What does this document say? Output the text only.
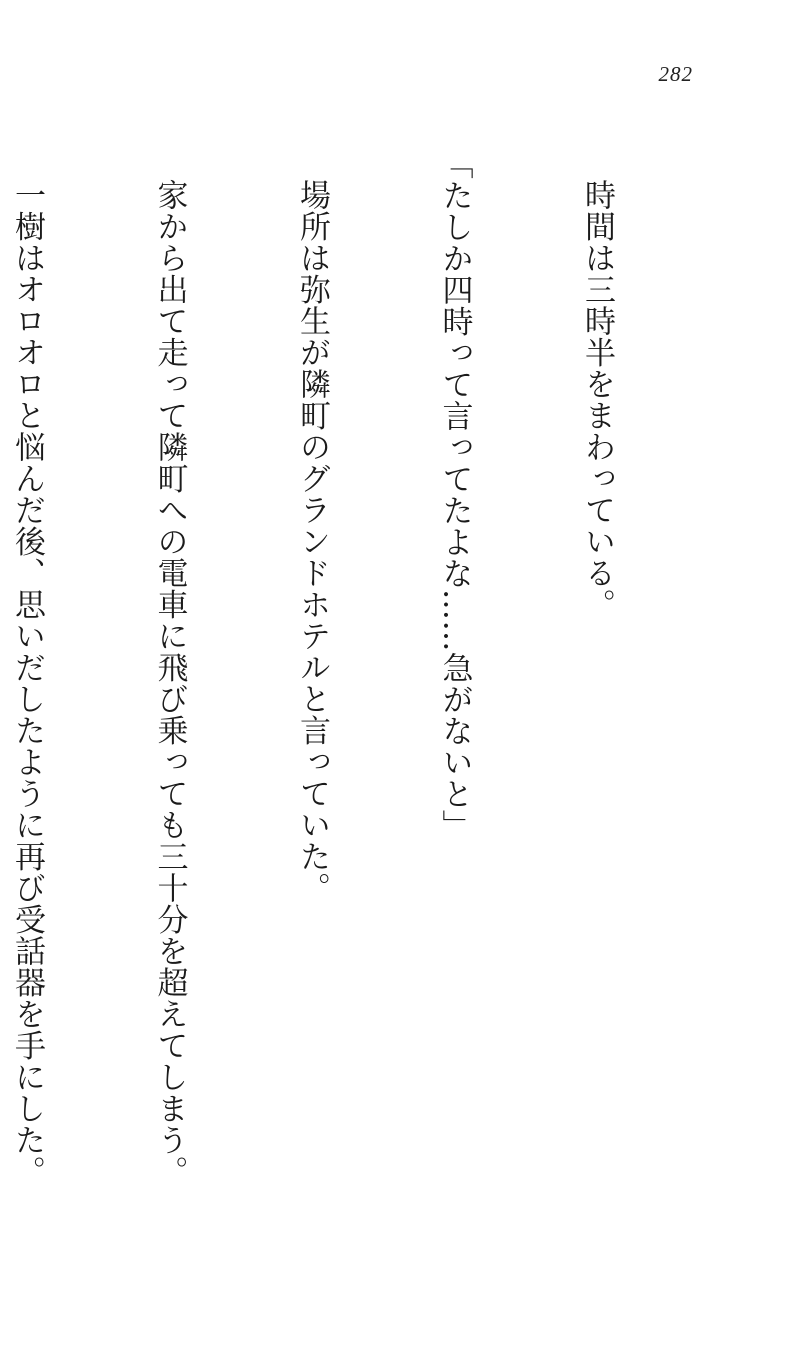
282

時間は三時半をまわっている。

「たしか四時って言ってたよな……急がないと」

場所は弥生が隣町のグランドホテルと言っていた。

家から出て走って隣町への電車に飛び乗っても三十分を超えてしまう。

一樹はオロオロと悩んだ後、思いだしたように再び受話器を手にした。
